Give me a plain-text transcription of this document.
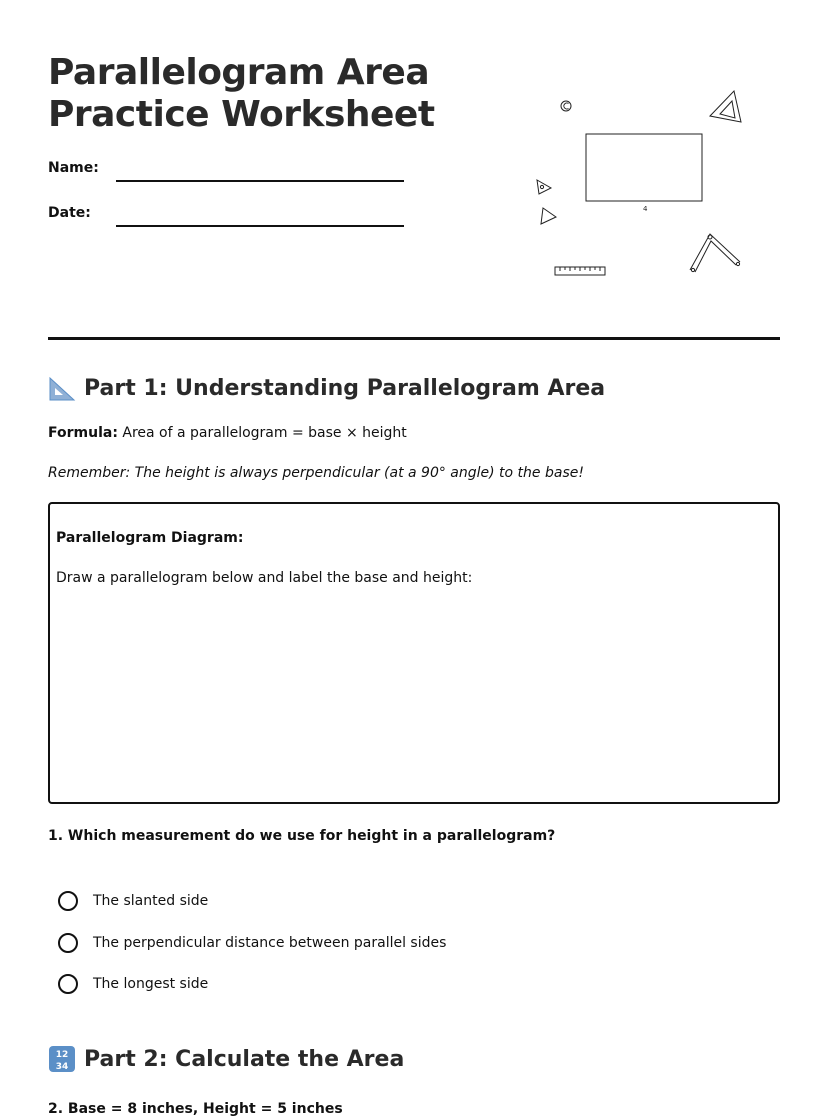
Parallelogram Area
Practice Worksheet
Name:
Date:	4
Part 1: Understanding Parallelogram Area
Formula: Area of a parallelogram = base × height
Remember: The height is always perpendicular (at a 90° angle) to the base!
Parallelogram Diagram:
Draw a parallelogram below and label the base and height:
1. Which measurement do we use for height in a parallelogram?
The slanted side
The perpendicular distance between parallel sides
The longest side
12
34 Part 2: Calculate the Area
2. Base = 8 inches, Height = 5 inches
